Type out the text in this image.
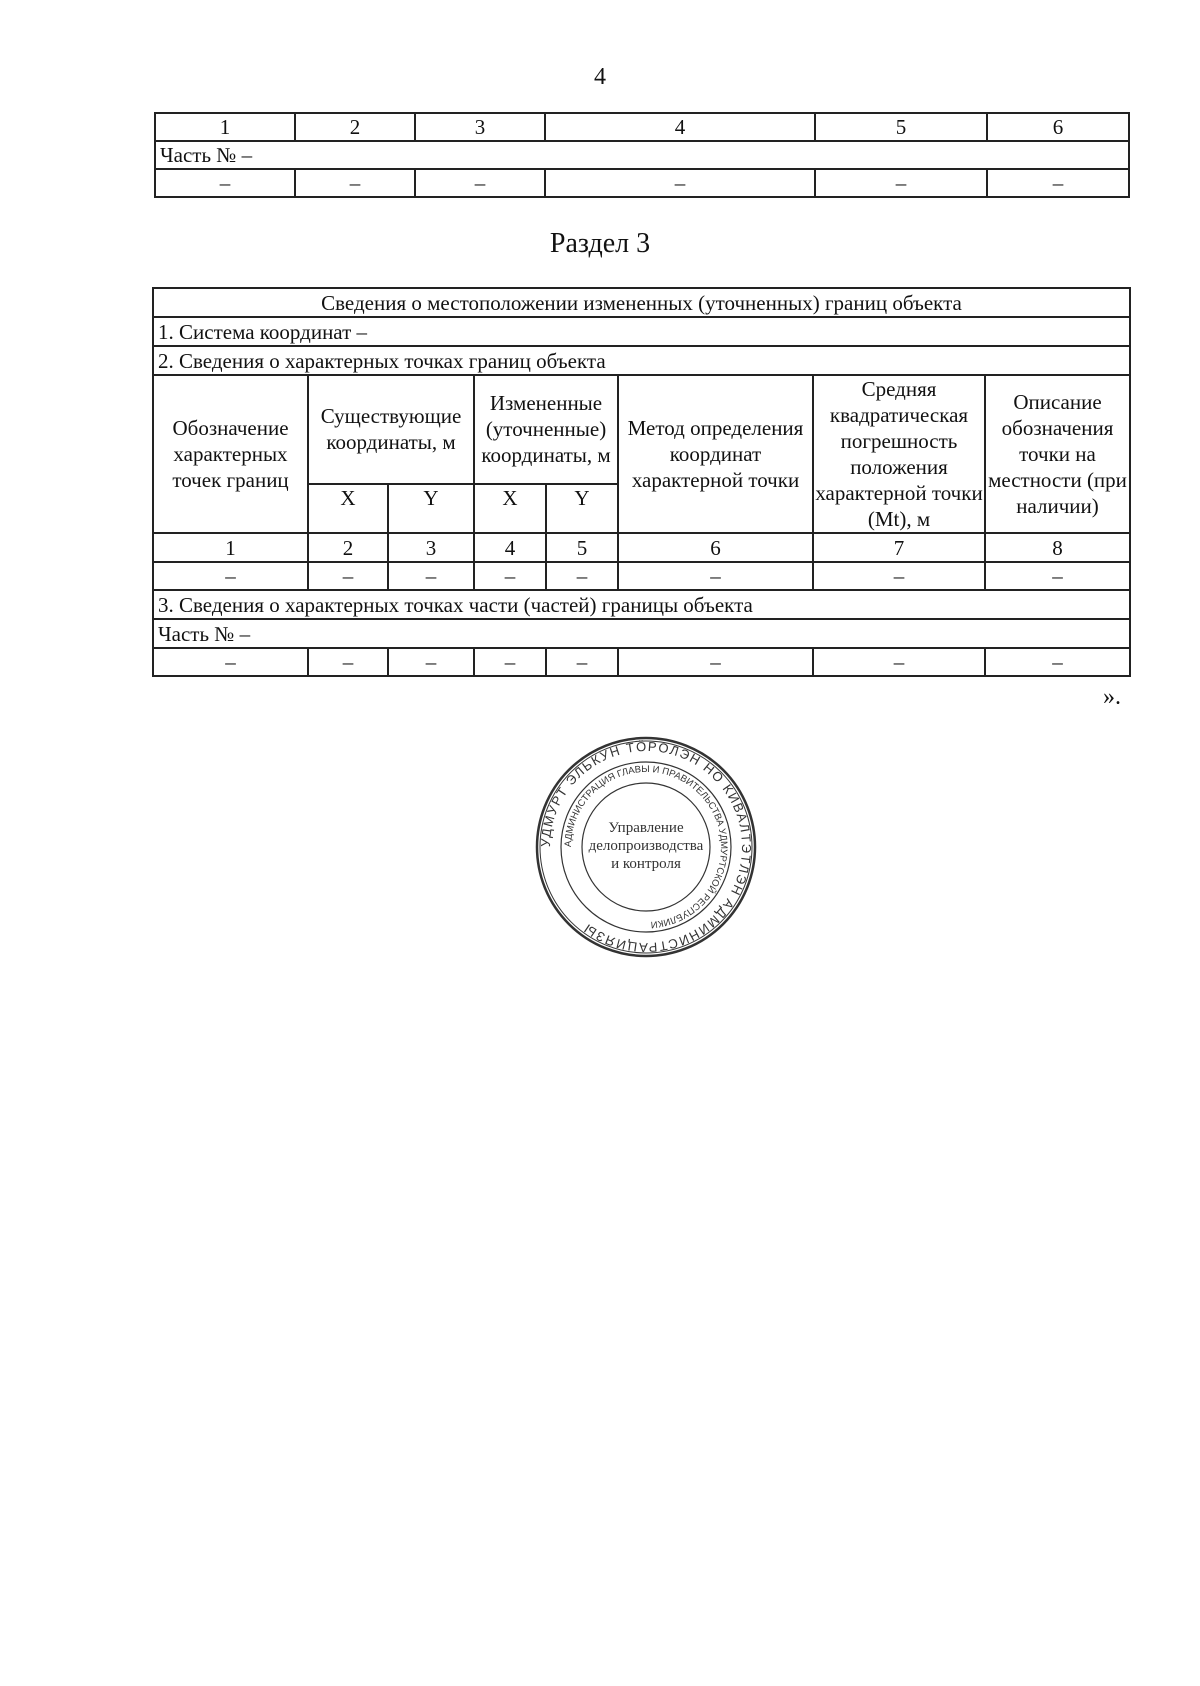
4
1	2	3	4	5	6
Часть № –					
–	–	–	–	–	–
Раздел 3
Сведения о местоположении измененных (уточненных) границ объекта							
1. Система координат –							
2. Сведения о характерных точках границ объекта							
Обозначение характерных точек границ	Существующие координаты, м		Измененные (уточненные) координаты, м		Метод определения координат характерной точки	Средняя квадратическая погрешность положения характерной точки (Mt), м	Описание обозначения точки на местности (при наличии)
	X	Y	X	Y			
1	2	3	4	5	6	7	8
–	–	–	–	–	–	–	–
3. Сведения о характерных точках части (частей) границы объекта							
Часть № –							
–	–	–	–	–	–	–	–
».
УДМУРТ ЭЛЬКУН ТӦРОЛЭН НО КИВАЛТЭТЛЭН АДМИНИСТРАЦИЯЗЫ
АДМИНИСТРАЦИЯ ГЛАВЫ И ПРАВИТЕЛЬСТВА УДМУРТСКОЙ РЕСПУБЛИКИ
Управление
делопроизводства
и контроля
